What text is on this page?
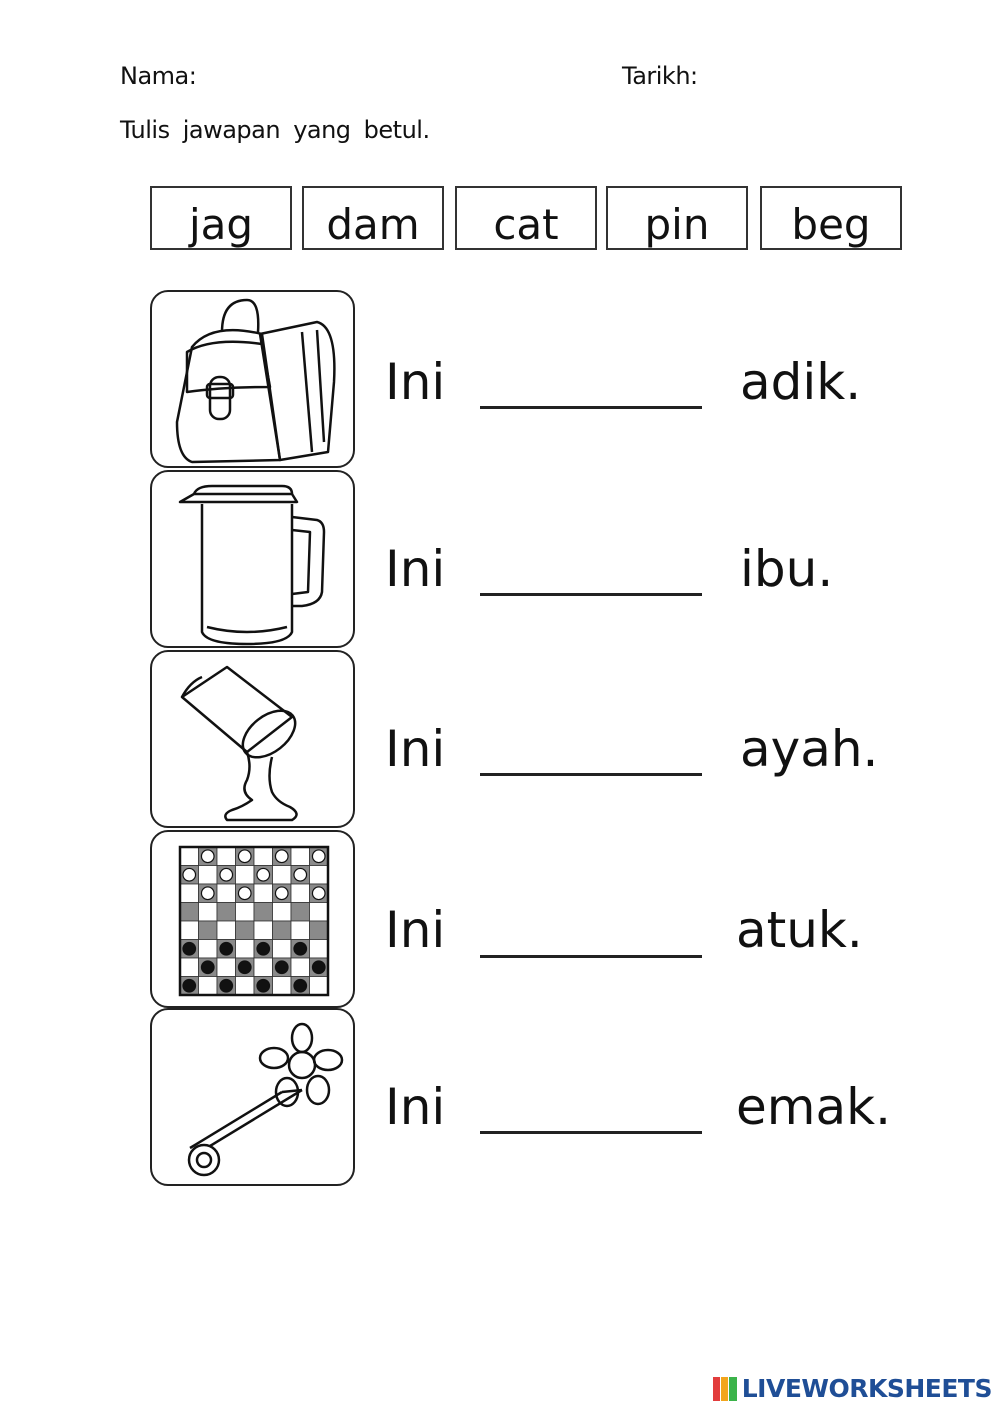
Nama:	Tarikh:
Tulis jawapan yang betul.
jag	dam	cat	pin	beg
Ini	adik.
Ini	ibu.
Ini	ayah.
Ini	atuk.
Ini	emak.
LIVEWORKSHEETS
